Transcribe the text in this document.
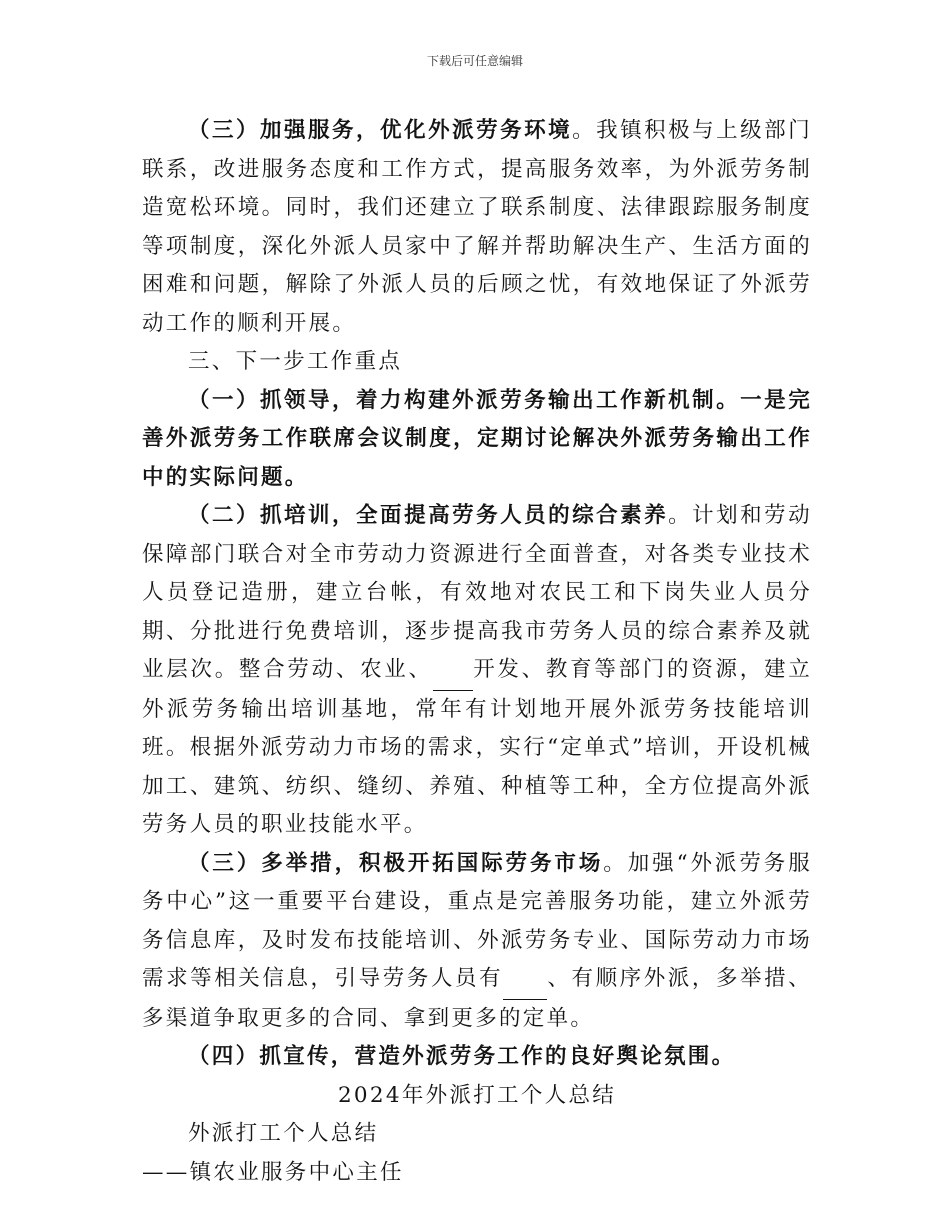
下载后可任意编辑

（三）加强服务，优化外派劳务环境。我镇积极与上级部门联系，改进服务态度和工作方式，提高服务效率，为外派劳务制造宽松环境。同时，我们还建立了联系制度、法律跟踪服务制度等项制度，深化外派人员家中了解并帮助解决生产、生活方面的困难和问题，解除了外派人员的后顾之忧，有效地保证了外派劳动工作的顺利开展。

三、下一步工作重点

（一）抓领导，着力构建外派劳务输出工作新机制。一是完善外派劳务工作联席会议制度，定期讨论解决外派劳务输出工作中的实际问题。

（二）抓培训，全面提高劳务人员的综合素养。计划和劳动保障部门联合对全市劳动力资源进行全面普查，对各类专业技术人员登记造册，建立台帐，有效地对农民工和下岗失业人员分期、分批进行免费培训，逐步提高我市劳务人员的综合素养及就业层次。整合劳动、农业、 开发、教育等部门的资源，建立外派劳务输出培训基地，常年有计划地开展外派劳务技能培训班。根据外派劳动力市场的需求，实行“定单式”培训，开设机械加工、建筑、纺织、缝纫、养殖、种植等工种，全方位提高外派劳务人员的职业技能水平。

（三）多举措，积极开拓国际劳务市场。加强“外派劳务服务中心”这一重要平台建设，重点是完善服务功能，建立外派劳务信息库，及时发布技能培训、外派劳务专业、国际劳动力市场需求等相关信息，引导劳务人员有 、有顺序外派，多举措、多渠道争取更多的合同、拿到更多的定单。

（四）抓宣传，营造外派劳务工作的良好舆论氛围。

2024年外派打工个人总结

外派打工个人总结

——镇农业服务中心主任
